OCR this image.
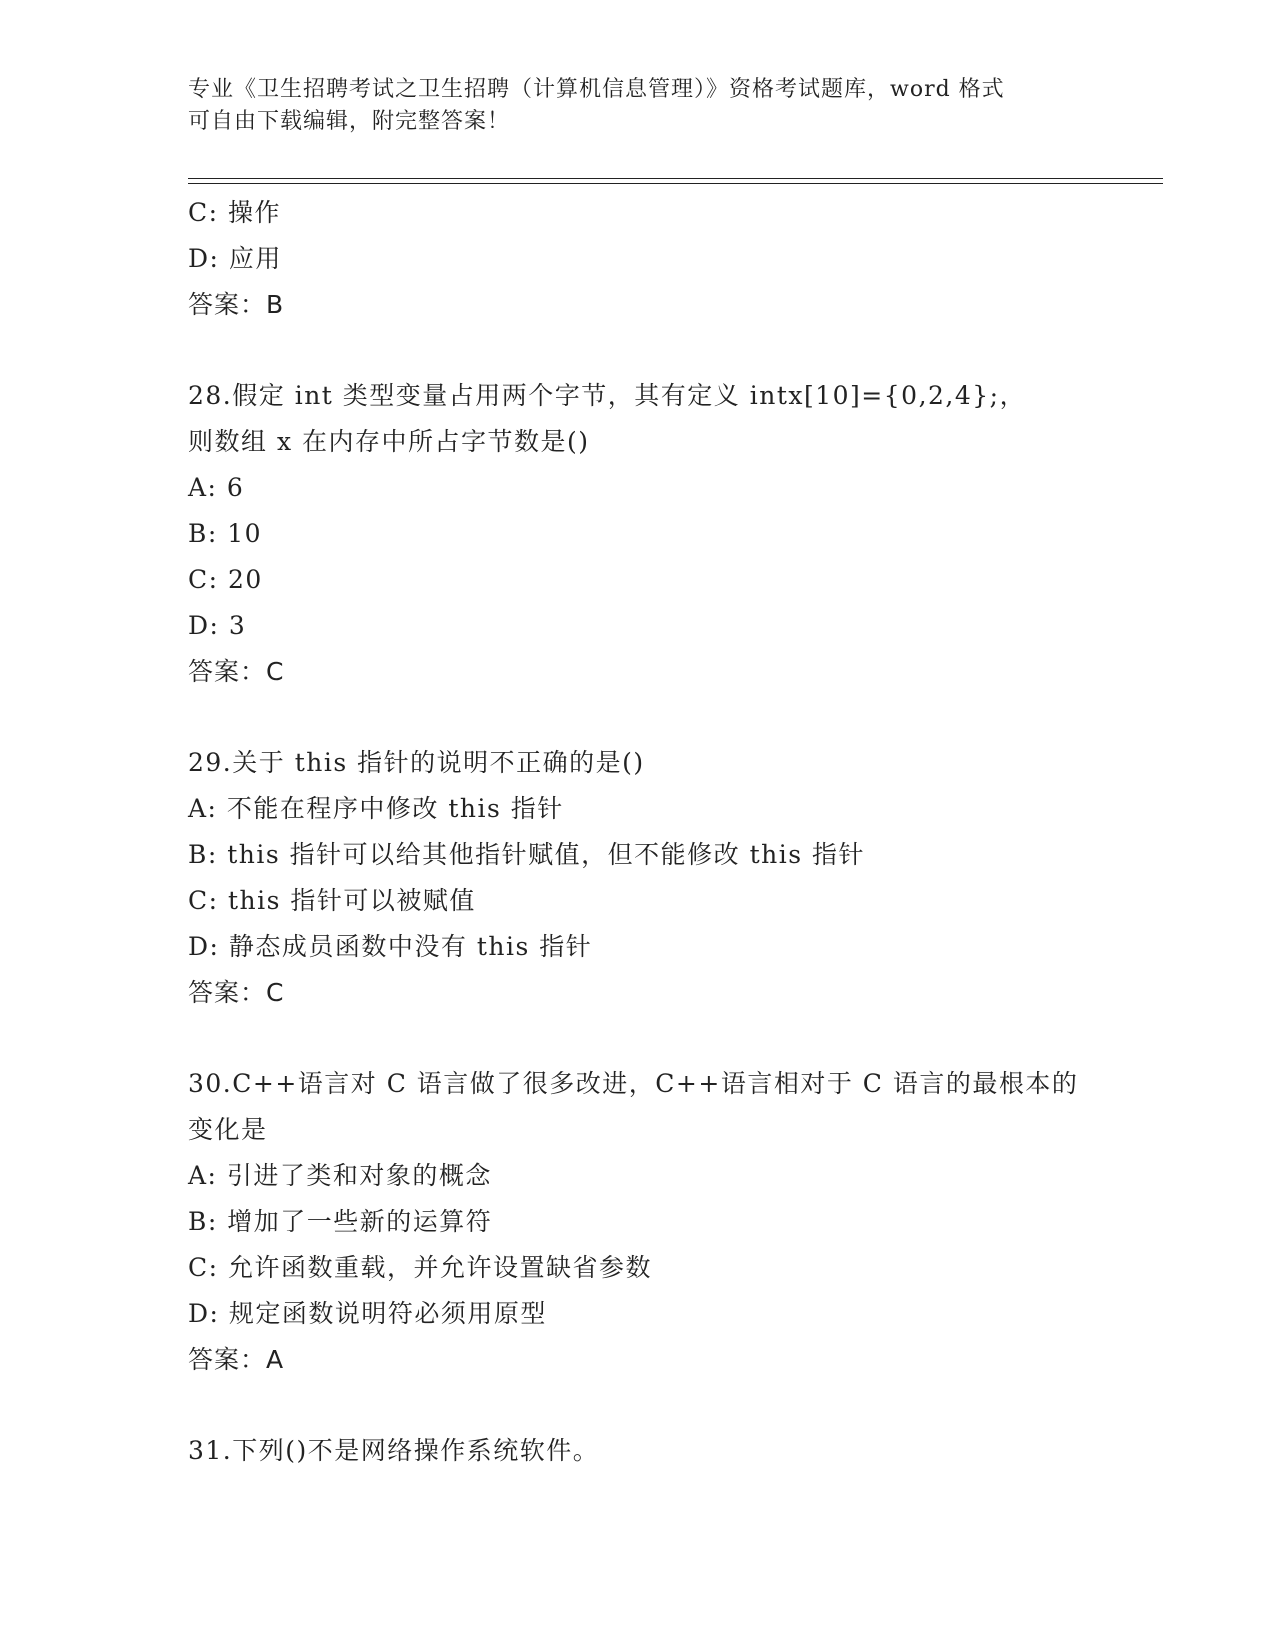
专业《卫生招聘考试之卫生招聘（计算机信息管理）》资格考试题库，word 格式
可自由下载编辑，附完整答案！
C: 操作
D: 应用
答案：B
28.假定 int 类型变量占用两个字节，其有定义 intx[10]={0,2,4};，
则数组 x 在内存中所占字节数是()
A: 6
B: 10
C: 20
D: 3
答案：C
29.关于 this 指针的说明不正确的是()
A: 不能在程序中修改 this 指针
B: this 指针可以给其他指针赋值，但不能修改 this 指针
C: this 指针可以被赋值
D: 静态成员函数中没有 this 指针
答案：C
30.C++语言对 C 语言做了很多改进，C++语言相对于 C 语言的最根本的
变化是
A: 引进了类和对象的概念
B: 增加了一些新的运算符
C: 允许函数重载，并允许设置缺省参数
D: 规定函数说明符必须用原型
答案：A
31.下列()不是网络操作系统软件。
